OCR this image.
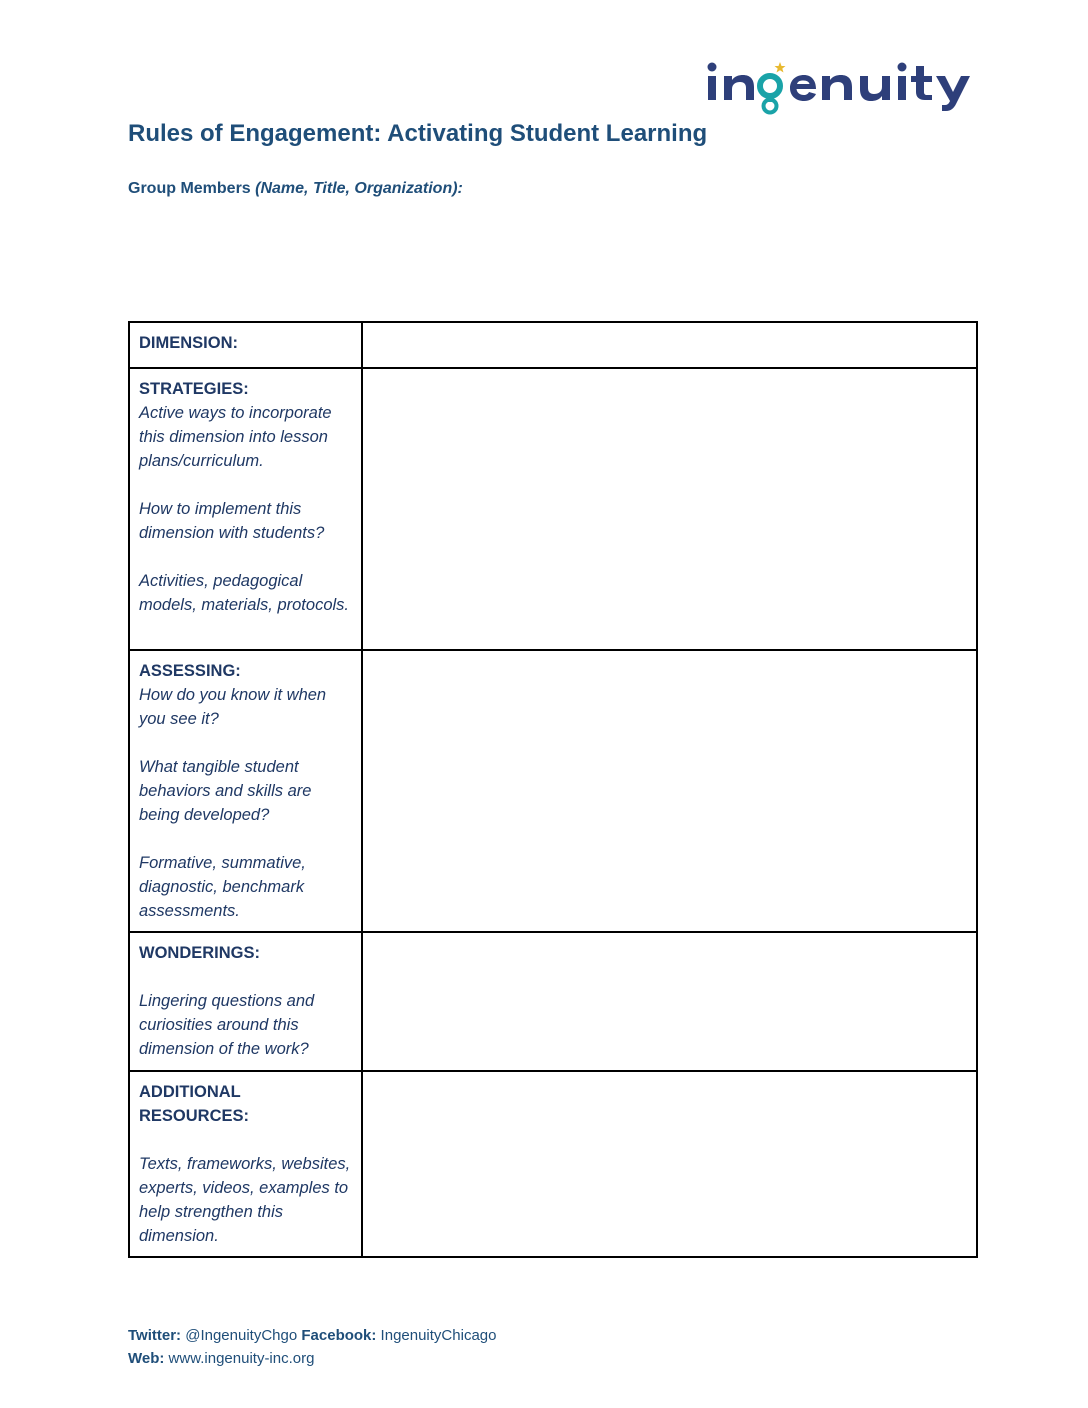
Rules of Engagement: Activating Student Learning
Group Members (Name, Title, Organization):
DIMENSION:	

STRATEGIES:
Active ways to incorporate this dimension into lesson plans/curriculum.
How to implement this dimension with students?
Activities, pedagogical models, materials, protocols.	

ASSESSING:
How do you know it when you see it?
What tangible student behaviors and skills are being developed?
Formative, summative, diagnostic, benchmark assessments.	

WONDERINGS:
Lingering questions and curiosities around this dimension of the work?	

ADDITIONAL RESOURCES:
Texts, frameworks, websites, experts, videos, examples to help strengthen this dimension.	

Twitter: @IngenuityChgo Facebook: IngenuityChicago
Web: www.ingenuity-inc.org
